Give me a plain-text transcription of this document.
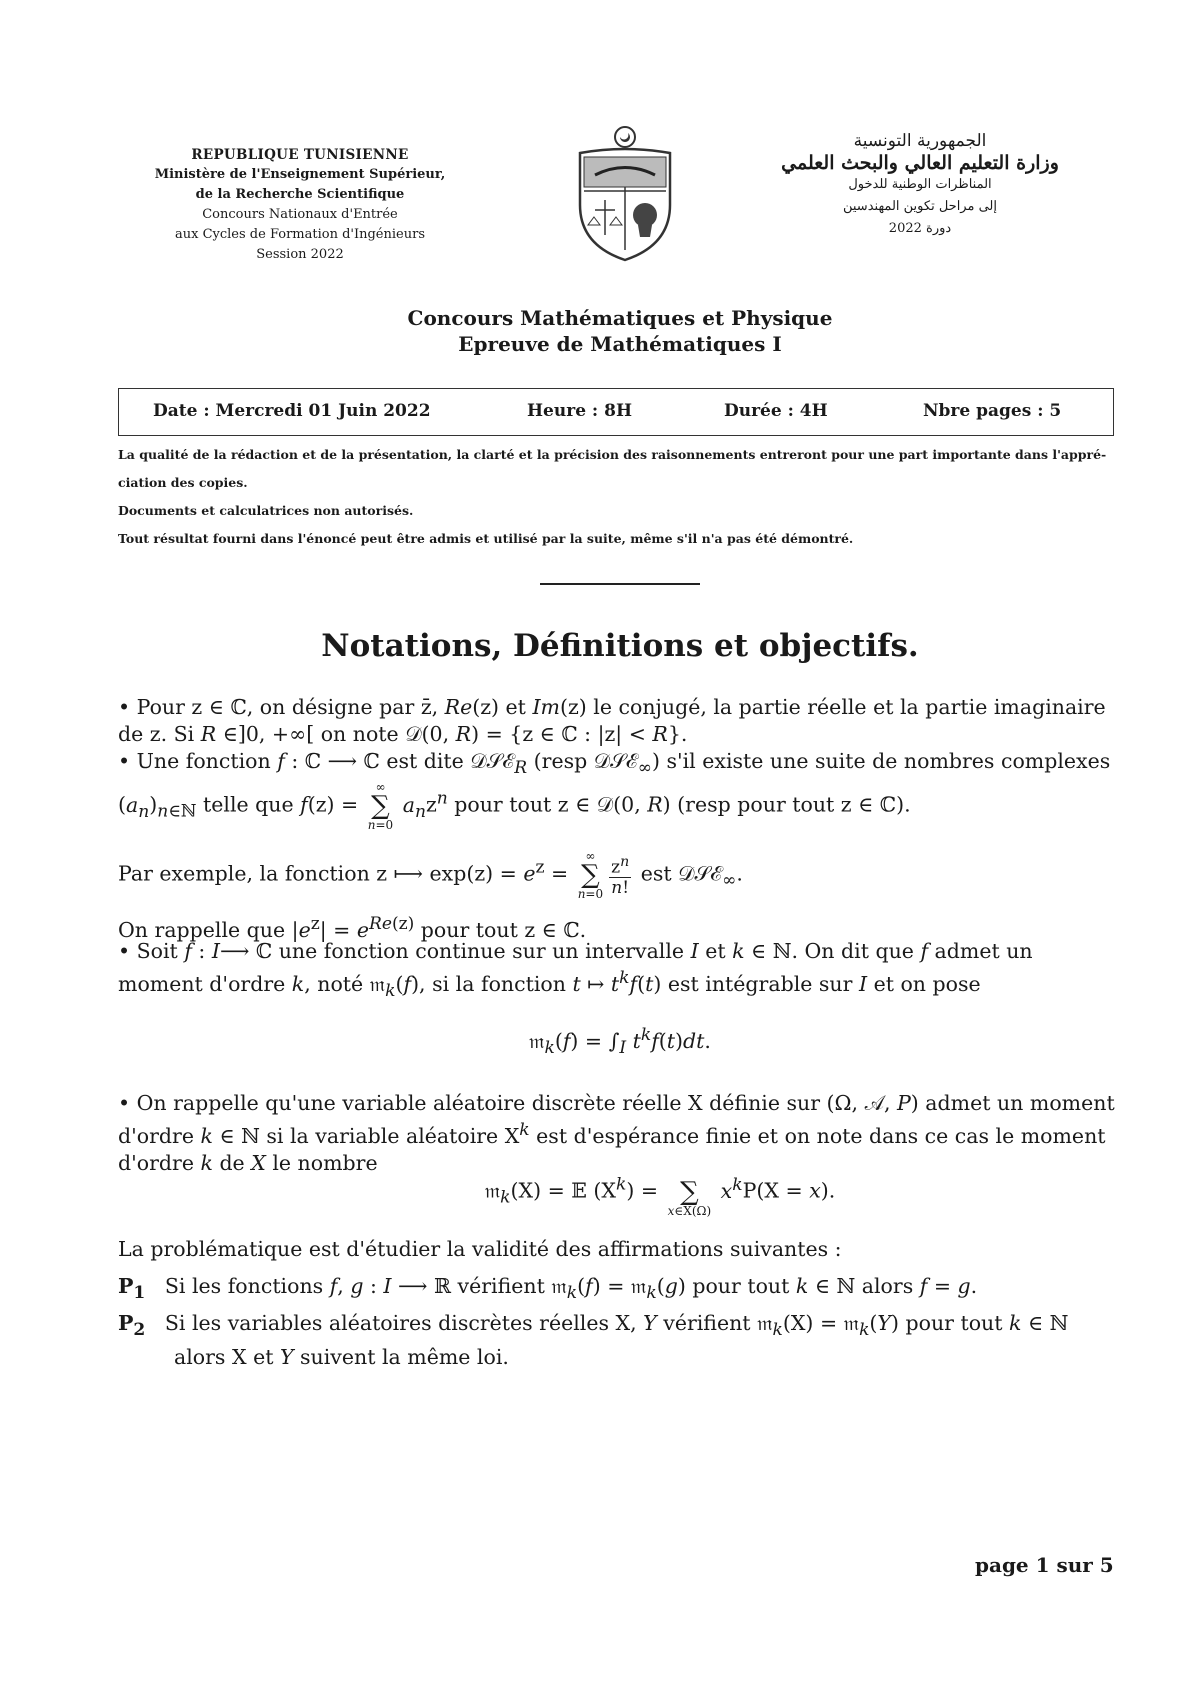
REPUBLIQUE TUNISIENNE
Ministère de l'Enseignement Supérieur,
de la Recherche Scientifique
Concours Nationaux d'Entrée
aux Cycles de Formation d'Ingénieurs
Session 2022
الجمهورية التونسية
وزارة التعليم العالي والبحث العلمي
المناظرات الوطنية للدخول
إلى مراحل تكوين المهندسين
دورة 2022
Concours Mathématiques et Physique
Epreuve de Mathématiques I
Date : Mercredi 01 Juin 2022	Heure : 8H	Durée : 4H	Nbre pages : 5
La qualité de la rédaction et de la présentation, la clarté et la précision des raisonnements entreront pour une part importante dans l'appré-
ciation des copies.
Documents et calculatrices non autorisés.
Tout résultat fourni dans l'énoncé peut être admis et utilisé par la suite, même s'il n'a pas été démontré.
Notations, Définitions et objectifs.
• Pour z ∈ ℂ, on désigne par z̄, Re(z) et Im(z) le conjugé, la partie réelle et la partie imaginaire de z. Si R ∈]0, +∞[ on note 𝒟(0, R) = {z ∈ ℂ : |z| < R}.
• Une fonction f : ℂ ⟶ ℂ est dite 𝒟𝒮ℰ$_R$ (resp 𝒟𝒮ℰ$_\infty$) s'il existe une suite de nombres complexes
$(a_n)_{n\in ℕ}$ telle que f(z) =
∞
∑
n=0
$a_nz^n$ pour tout z ∈ 𝒟(0, R) (resp pour tout z ∈ ℂ).
Par exemple, la fonction z ⟼ $\exp(z) = e^z$ =
∞
∑
$n=0 \frac{z^n}{n!}$ est 𝒟𝒮ℰ$_\infty$.
On rappelle que $|e^z| = e^{Re(z)}$ pour tout z ∈ ℂ.
• Soit f : I⟶ ℂ une fonction continue sur un intervalle I et k ∈ ℕ. On dit que f admet un moment d'ordre k, noté 𝔪$_k$(f), si la fonction t ↦ $t^kf(t)$ est intégrable sur I et on pose
𝔪$_k$(f) = $\int_I$ $t^kf(t)dt$.
• On rappelle qu'une variable aléatoire discrète réelle X définie sur (Ω, 𝒜, P) admet un moment d'ordre k ∈ ℕ si la variable aléatoire $X^k$ est d'espérance finie et on note dans ce cas le moment d'ordre k de X le nombre
𝔪$_k$(X) = 𝔼 $(X^k)$ =
∑
x∈X(Ω)
$x^kP(X = x)$.
La problématique est d'étudier la validité des affirmations suivantes :
$P_1$   Si les fonctions f, g : I ⟶ ℝ vérifient 𝔪$_k$(f) = 𝔪$_k$(g) pour tout k ∈ ℕ alors f = g.
$P_2$   Si les variables aléatoires discrètes réelles X, Y vérifient 𝔪$_k$(X) = 𝔪$_k$(Y) pour tout k ∈ ℕ
alors X et Y suivent la même loi.
page 1 sur 5
